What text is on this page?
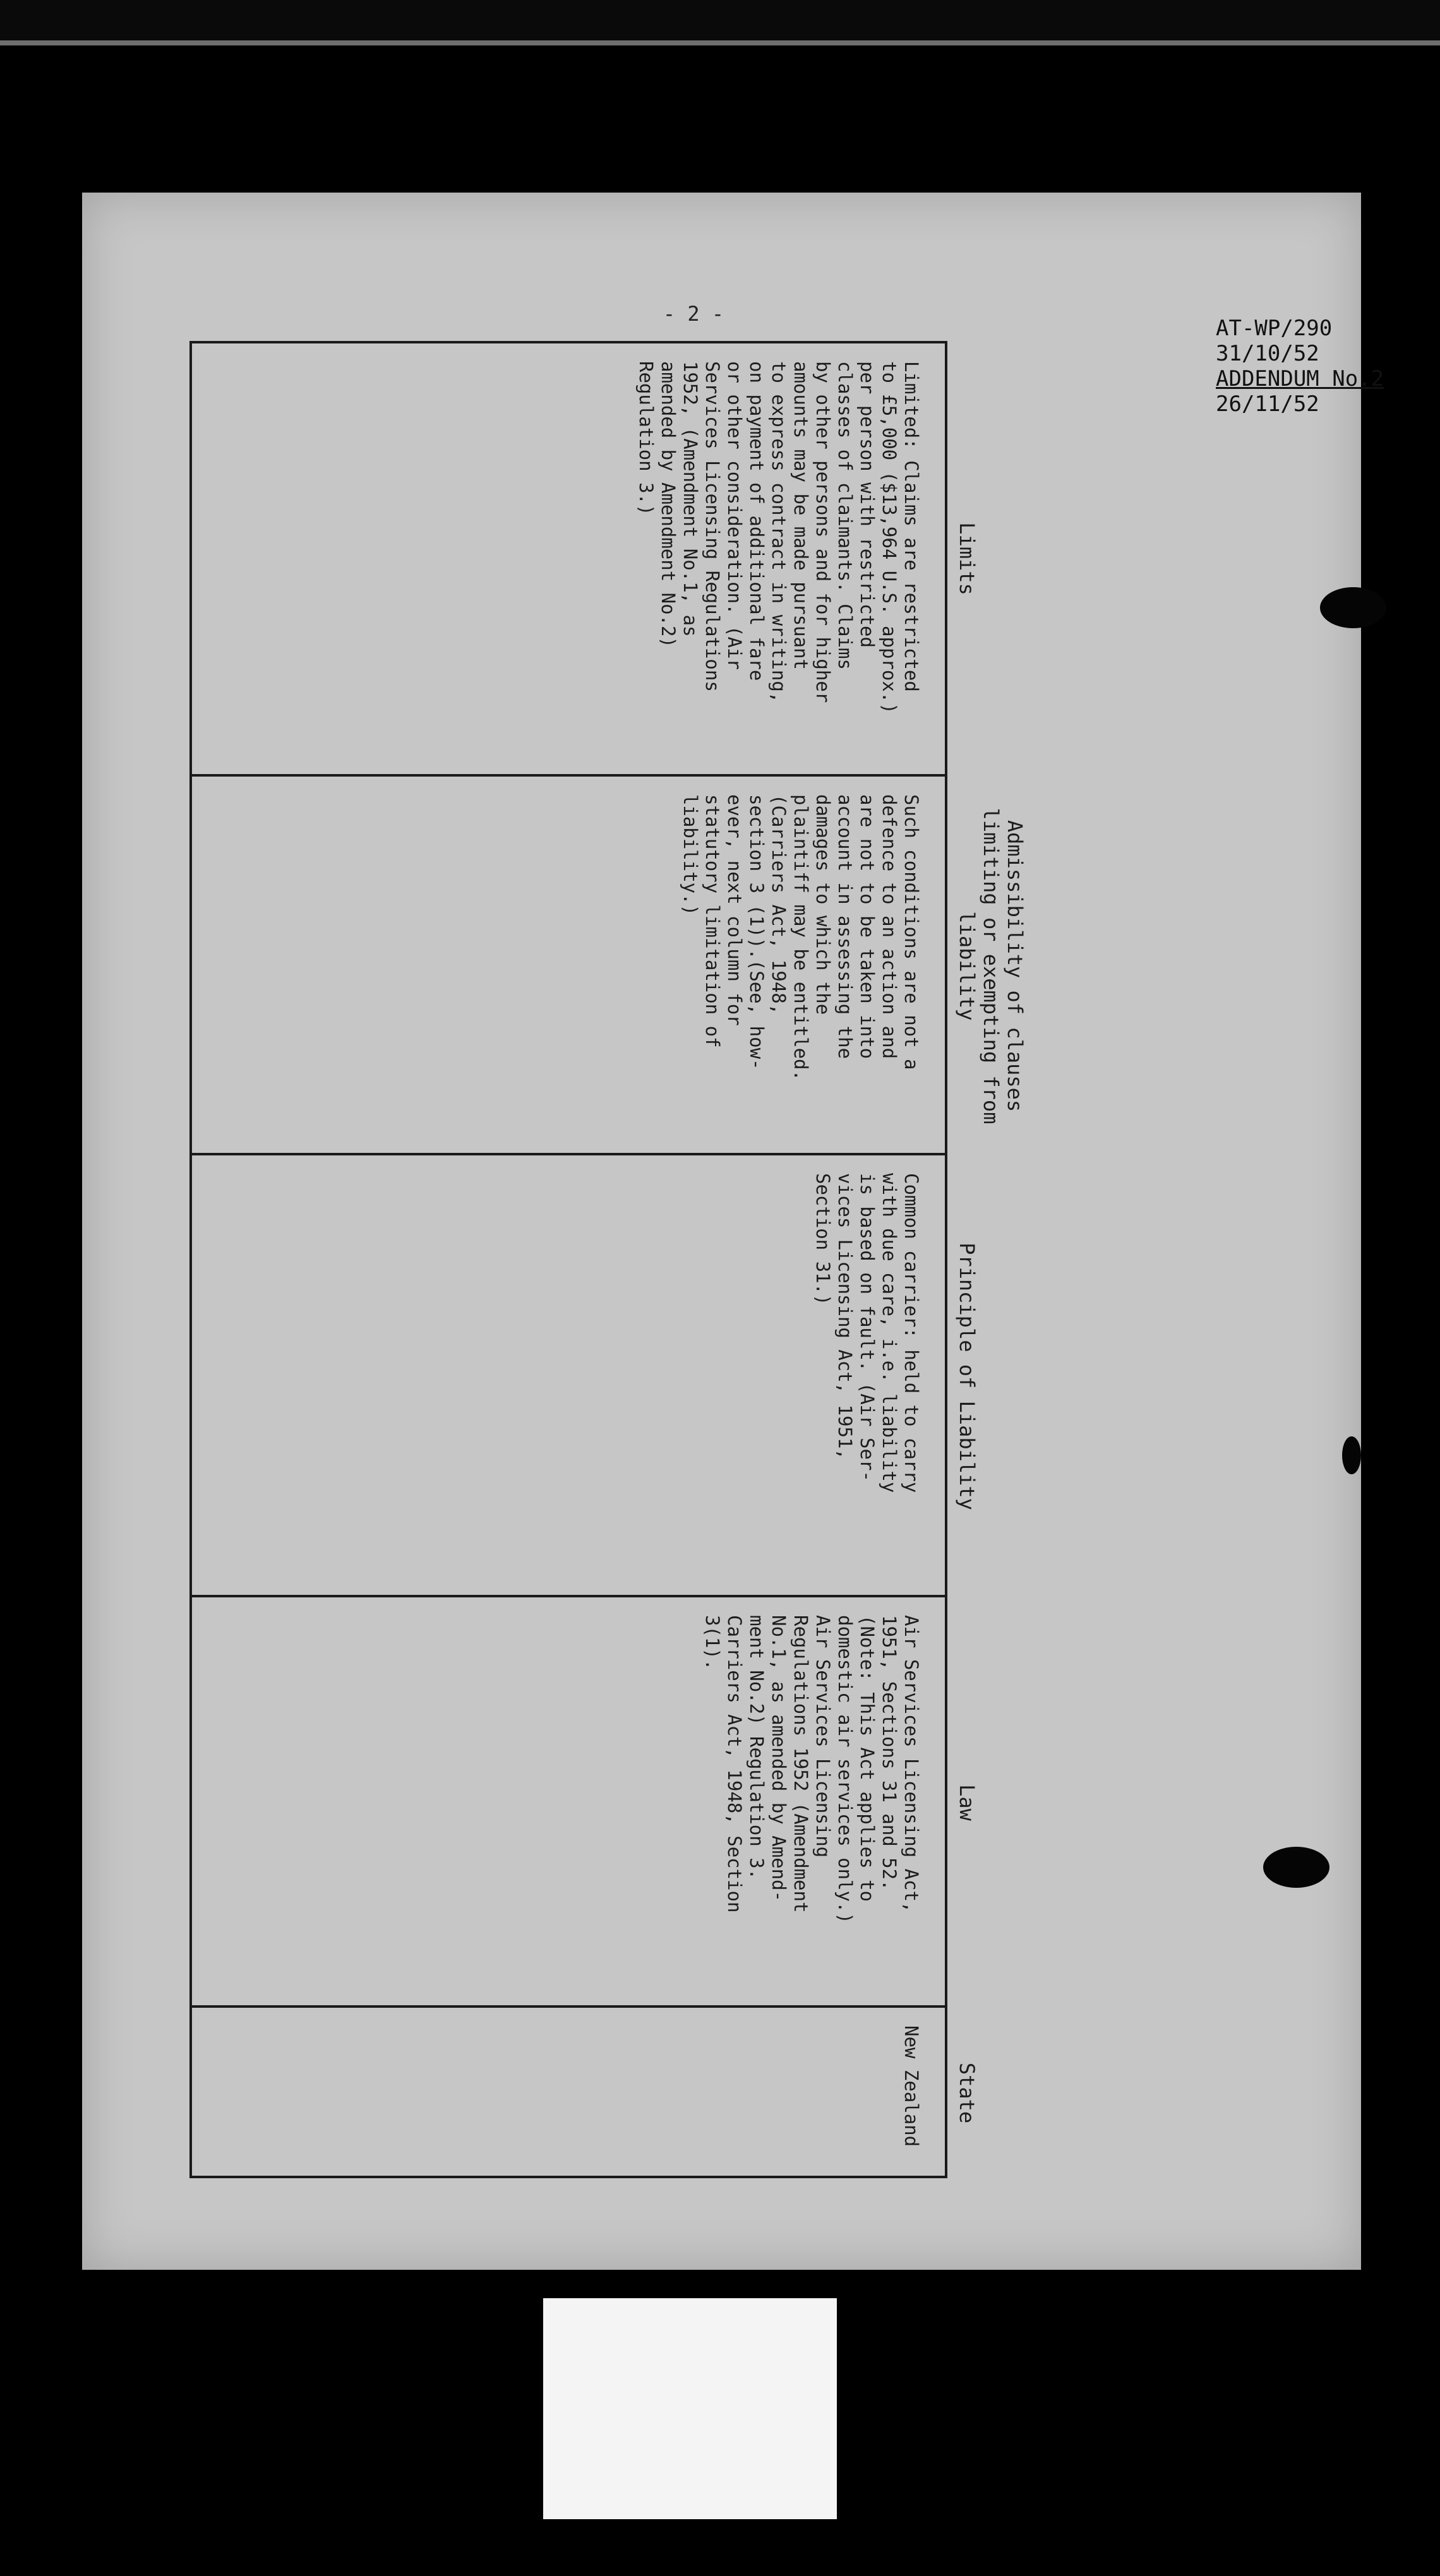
- 2 -
AT-WP/290
31/10/52
ADDENDUM No.2
26/11/52
Limits
Limited: Claims are restricted
to £5,000 ($13,964 U.S. approx.)
per person with restricted
classes of claimants. Claims
by other persons and for higher
amounts may be made pursuant
to express contract in writing,
on payment of additional fare
or other consideration. (Air
Services Licensing Regulations
1952, (Amendment No.1, as
amended by Amendment No.2)
Regulation 3.)
Admissibility of clauses limiting or exempting from liability
Such conditions are not a
defence to an action and
are not to be taken into
account in assessing the
damages to which the
plaintiff may be entitled.
(Carriers Act, 1948,
section 3 (1)).(See, how-
ever, next column for
statutory limitation of
liability.)
Principle of Liability
Common carrier: held to carry
with due care, i.e. liability
is based on fault. (Air Ser-
vices Licensing Act, 1951,
Section 31.)
Law
Air Services Licensing Act,
1951, Sections 31 and 52.
(Note: This Act applies to
domestic air services only.)
Air Services Licensing
Regulations 1952 (Amendment
No.1, as amended by Amend-
ment No.2) Regulation 3.
Carriers Act, 1948, Section
3(1).
State
New Zealand
